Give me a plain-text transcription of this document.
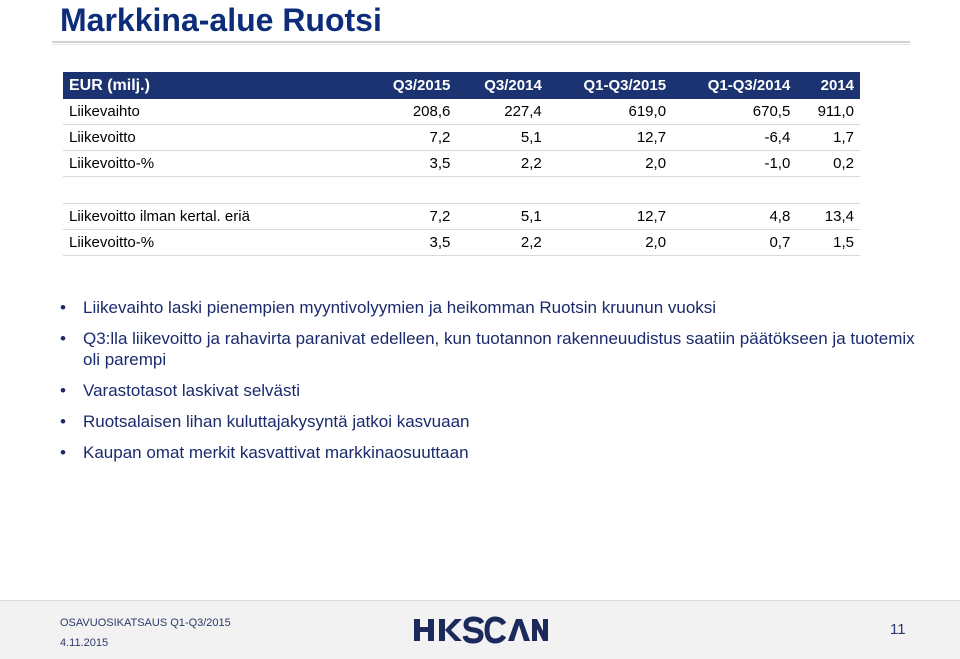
Markkina-alue Ruotsi
EUR (milj.)	Q3/2015	Q3/2014	Q1-Q3/2015	Q1-Q3/2014	2014
Liikevaihto	208,6	227,4	619,0	670,5	911,0
Liikevoitto	7,2	5,1	12,7	-6,4	1,7
Liikevoitto-%	3,5	2,2	2,0	-1,0	0,2

Liikevoitto ilman kertal. eriä	7,2	5,1	12,7	4,8	13,4
Liikevoitto-%	3,5	2,2	2,0	0,7	1,5
• Liikevaihto laski pienempien myyntivolyymien ja heikomman Ruotsin kruunun vuoksi
• Q3:lla liikevoitto ja rahavirta paranivat edelleen, kun tuotannon rakenneuudistus saatiin päätökseen ja tuotemix oli parempi
• Varastotasot laskivat selvästi
• Ruotsalaisen lihan kuluttajakysyntä jatkoi kasvuaan
• Kaupan omat merkit kasvattivat markkinaosuuttaan
OSAVUOSIKATSAUS Q1-Q3/2015
4.11.2015
HKSCAN
11
